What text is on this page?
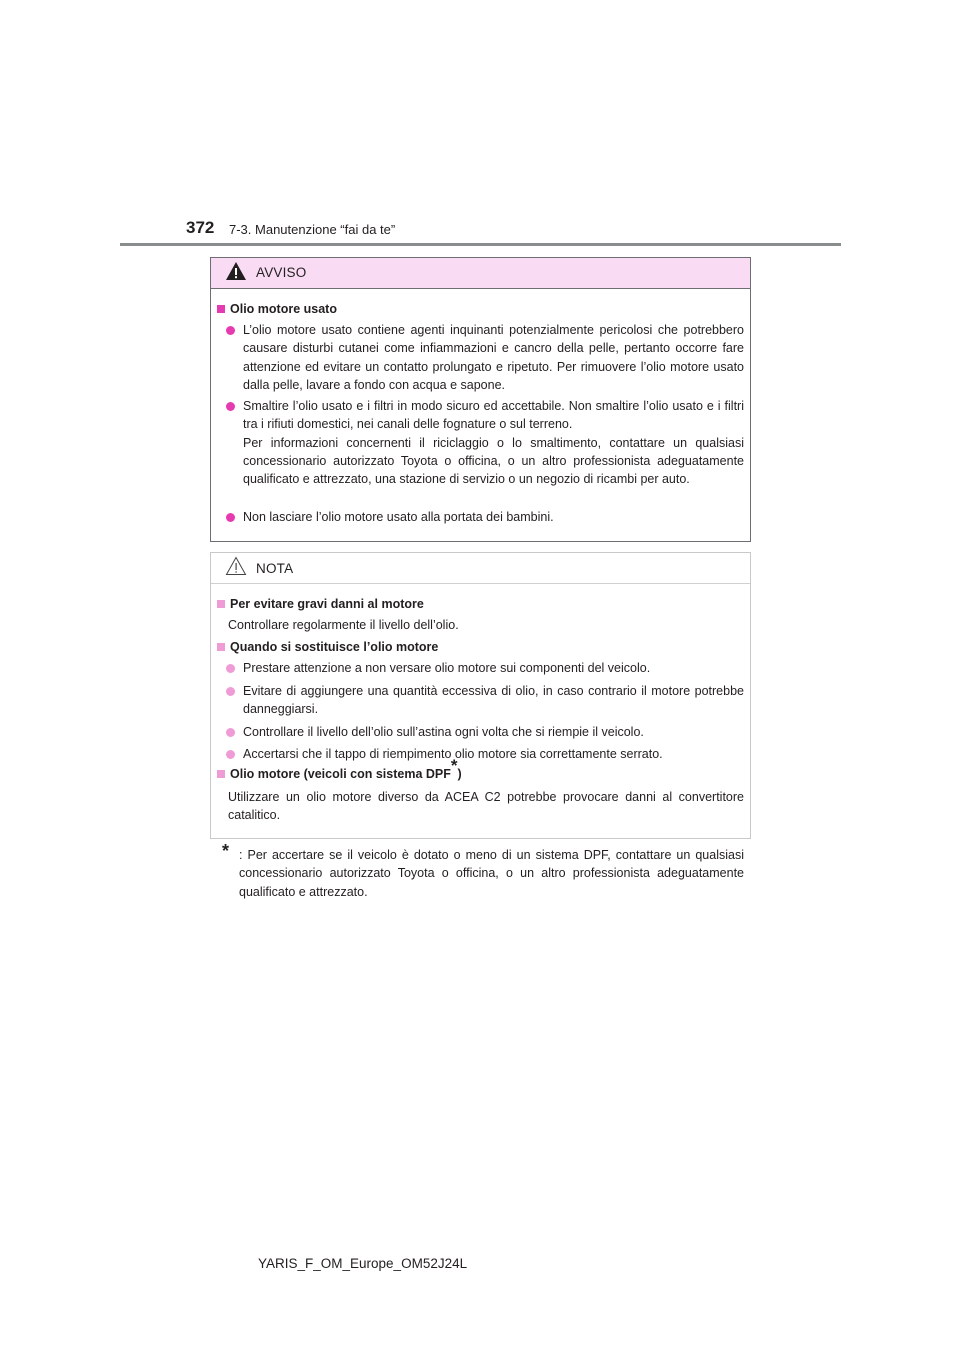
372 7-3. Manutenzione “fai da te”
AVVISO
Olio motore usato
L’olio motore usato contiene agenti inquinanti potenzialmente pericolosi che potrebbero causare disturbi cutanei come infiammazioni e cancro della pelle, pertanto occorre fare attenzione ed evitare un contatto prolungato e ripetuto. Per rimuovere l’olio motore usato dalla pelle, lavare a fondo con acqua e sapone.
Smaltire l’olio usato e i filtri in modo sicuro ed accettabile. Non smaltire l’olio usato e i filtri tra i rifiuti domestici, nei canali delle fognature o sul terreno.
Per informazioni concernenti il riciclaggio o lo smaltimento, contattare un qualsiasi concessionario autorizzato Toyota o officina, o un altro professionista adeguatamente qualificato e attrezzato, una stazione di servizio o un negozio di ricambi per auto.
Non lasciare l’olio motore usato alla portata dei bambini.
NOTA
Per evitare gravi danni al motore
Controllare regolarmente il livello dell’olio.
Quando si sostituisce l’olio motore
Prestare attenzione a non versare olio motore sui componenti del veicolo.
Evitare di aggiungere una quantità eccessiva di olio, in caso contrario il motore potrebbe danneggiarsi.
Controllare il livello dell’olio sull’astina ogni volta che si riempie il veicolo.
Accertarsi che il tappo di riempimento olio motore sia correttamente serrato.
Olio motore (veicoli con sistema DPF*)
Utilizzare un olio motore diverso da ACEA C2 potrebbe provocare danni al convertitore catalitico.
* : Per accertare se il veicolo è dotato o meno di un sistema DPF, contattare un qualsiasi concessionario autorizzato Toyota o officina, o un altro professionista adeguatamente qualificato e attrezzato.
YARIS_F_OM_Europe_OM52J24L
